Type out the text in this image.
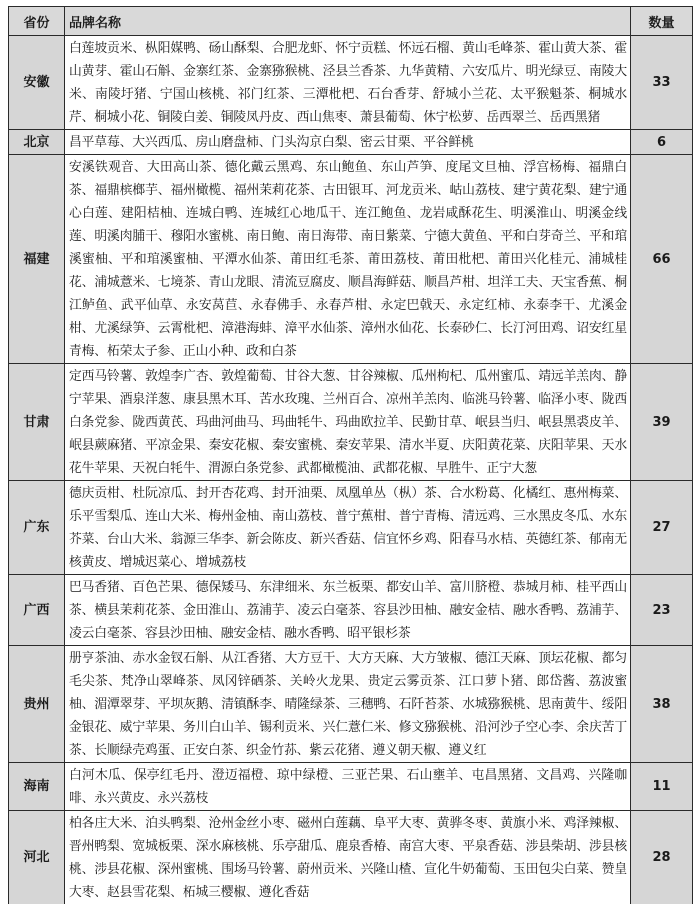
省份	品牌名称	数量
安徽	白莲坡贡米、枞阳媒鸭、砀山酥梨、合肥龙虾、怀宁贡糕、怀远石榴、黄山毛峰茶、霍山黄大茶、霍山黄芽、霍山石斛、金寨红茶、金寨猕猴桃、泾县兰香茶、九华黄精、六安瓜片、明光绿豆、南陵大米、南陵圩猪、宁国山核桃、祁门红茶、三潭枇杷、石台香芽、舒城小兰花、太平猴魁茶、桐城水芹、桐城小花、铜陵白姜、铜陵凤丹皮、西山焦枣、萧县葡萄、休宁松萝、岳西翠兰、岳西黑猪	33
北京	昌平草莓、大兴西瓜、房山磨盘柿、门头沟京白梨、密云甘栗、平谷鲜桃	6
福建	安溪铁观音、大田高山茶、德化戴云黑鸡、东山鲍鱼、东山芦笋、度尾文旦柚、浮宫杨梅、福鼎白茶、福鼎槟榔芋、福州橄榄、福州茉莉花茶、古田银耳、河龙贡米、岵山荔枝、建宁黄花梨、建宁通心白莲、建阳桔柚、连城白鸭、连城红心地瓜干、连江鲍鱼、龙岩咸酥花生、明溪淮山、明溪金线莲、明溪肉脯干、穆阳水蜜桃、南日鲍、南日海带、南日紫菜、宁德大黄鱼、平和白芽奇兰、平和琯溪蜜柚、平和琯溪蜜柚、平潭水仙茶、莆田红毛茶、莆田荔枝、莆田枇杷、莆田兴化桂元、浦城桂花、浦城薏米、七境茶、青山龙眼、清流豆腐皮、顺昌海鲜菇、顺昌芦柑、坦洋工夫、天宝香蕉、桐江鲈鱼、武平仙草、永安莴苣、永春佛手、永春芦柑、永定巴戟天、永定红柿、永泰李干、尤溪金柑、尤溪绿笋、云霄枇杷、漳港海蚌、漳平水仙茶、漳州水仙花、长泰砂仁、长汀河田鸡、诏安红星青梅、柘荣太子参、正山小种、政和白茶	66
甘肃	定西马铃薯、敦煌李广杏、敦煌葡萄、甘谷大葱、甘谷辣椒、瓜州枸杞、瓜州蜜瓜、靖远羊羔肉、静宁苹果、酒泉洋葱、康县黑木耳、苦水玫瑰、兰州百合、凉州羊羔肉、临洮马铃薯、临泽小枣、陇西白条党参、陇西黄芪、玛曲河曲马、玛曲牦牛、玛曲欧拉羊、民勤甘草、岷县当归、岷县黑裘皮羊、岷县蕨麻猪、平凉金果、秦安花椒、秦安蜜桃、秦安苹果、清水半夏、庆阳黄花菜、庆阳苹果、天水花牛苹果、天祝白牦牛、渭源白条党参、武都橄榄油、武都花椒、早胜牛、正宁大葱	39
广东	德庆贡柑、杜阮凉瓜、封开杏花鸡、封开油栗、凤凰单丛（枞）茶、合水粉葛、化橘红、惠州梅菜、乐平雪梨瓜、连山大米、梅州金柚、南山荔枝、普宁蕉柑、普宁青梅、清远鸡、三水黑皮冬瓜、水东芥菜、台山大米、翁源三华李、新会陈皮、新兴香菇、信宜怀乡鸡、阳春马水桔、英德红茶、郁南无核黄皮、增城迟菜心、增城荔枝	27
广西	巴马香猪、百色芒果、德保矮马、东津细米、东兰板栗、都安山羊、富川脐橙、恭城月柿、桂平西山茶、横县茉莉花茶、金田淮山、荔浦芋、凌云白毫茶、容县沙田柚、融安金桔、融水香鸭、荔浦芋、凌云白毫茶、容县沙田柚、融安金桔、融水香鸭、昭平银杉茶	23
贵州	册亨茶油、赤水金钗石斛、从江香猪、大方豆干、大方天麻、大方皱椒、德江天麻、顶坛花椒、都匀毛尖茶、梵净山翠峰茶、凤冈锌硒茶、关岭火龙果、贵定云雾贡茶、江口萝卜猪、郎岱酱、荔波蜜柚、湄潭翠芽、平坝灰鹅、清镇酥李、晴隆绿茶、三穗鸭、石阡苔茶、水城猕猴桃、思南黄牛、绥阳金银花、威宁苹果、务川白山羊、锡利贡米、兴仁薏仁米、修文猕猴桃、沿河沙子空心李、余庆苦丁茶、长顺绿壳鸡蛋、正安白茶、织金竹荪、紫云花猪、遵义朝天椒、遵义红	38
海南	白河木瓜、保亭红毛丹、澄迈福橙、琼中绿橙、三亚芒果、石山壅羊、屯昌黑猪、文昌鸡、兴隆咖啡、永兴黄皮、永兴荔枝	11
河北	柏各庄大米、泊头鸭梨、沧州金丝小枣、磁州白莲藕、阜平大枣、黄骅冬枣、黄旗小米、鸡泽辣椒、晋州鸭梨、宽城板栗、深水麻核桃、乐亭甜瓜、鹿泉香椿、南宫大枣、平泉香菇、涉县柴胡、涉县核桃、涉县花椒、深州蜜桃、围场马铃薯、蔚州贡米、兴隆山楂、宣化牛奶葡萄、玉田包尖白菜、赞皇大枣、赵县雪花梨、柘城三樱椒、遵化香菇	28
